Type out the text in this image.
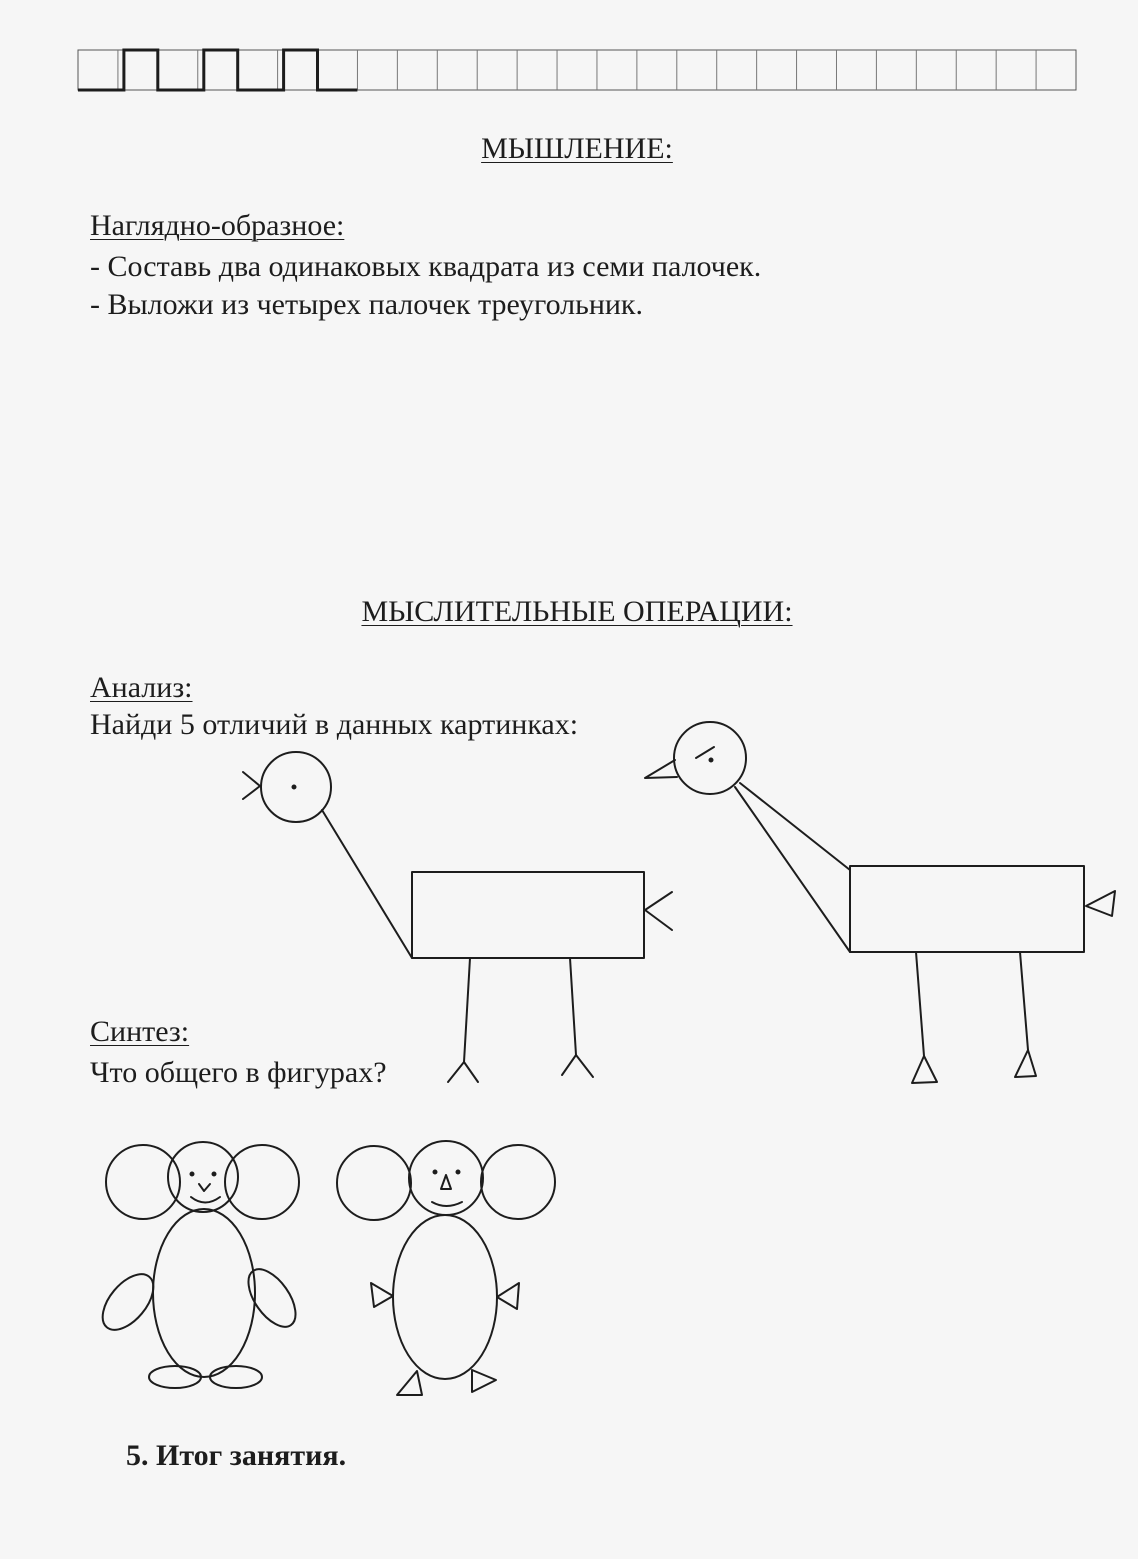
МЫШЛЕНИЕ:

Наглядно-образное:

- Составь два одинаковых квадрата из семи палочек.

- Выложи из четырех палочек треугольник.

МЫСЛИТЕЛЬНЫЕ ОПЕРАЦИИ:

Анализ:

Найди 5 отличий в данных картинках:

Синтез:

Что общего в фигурах?

5. Итог занятия.
